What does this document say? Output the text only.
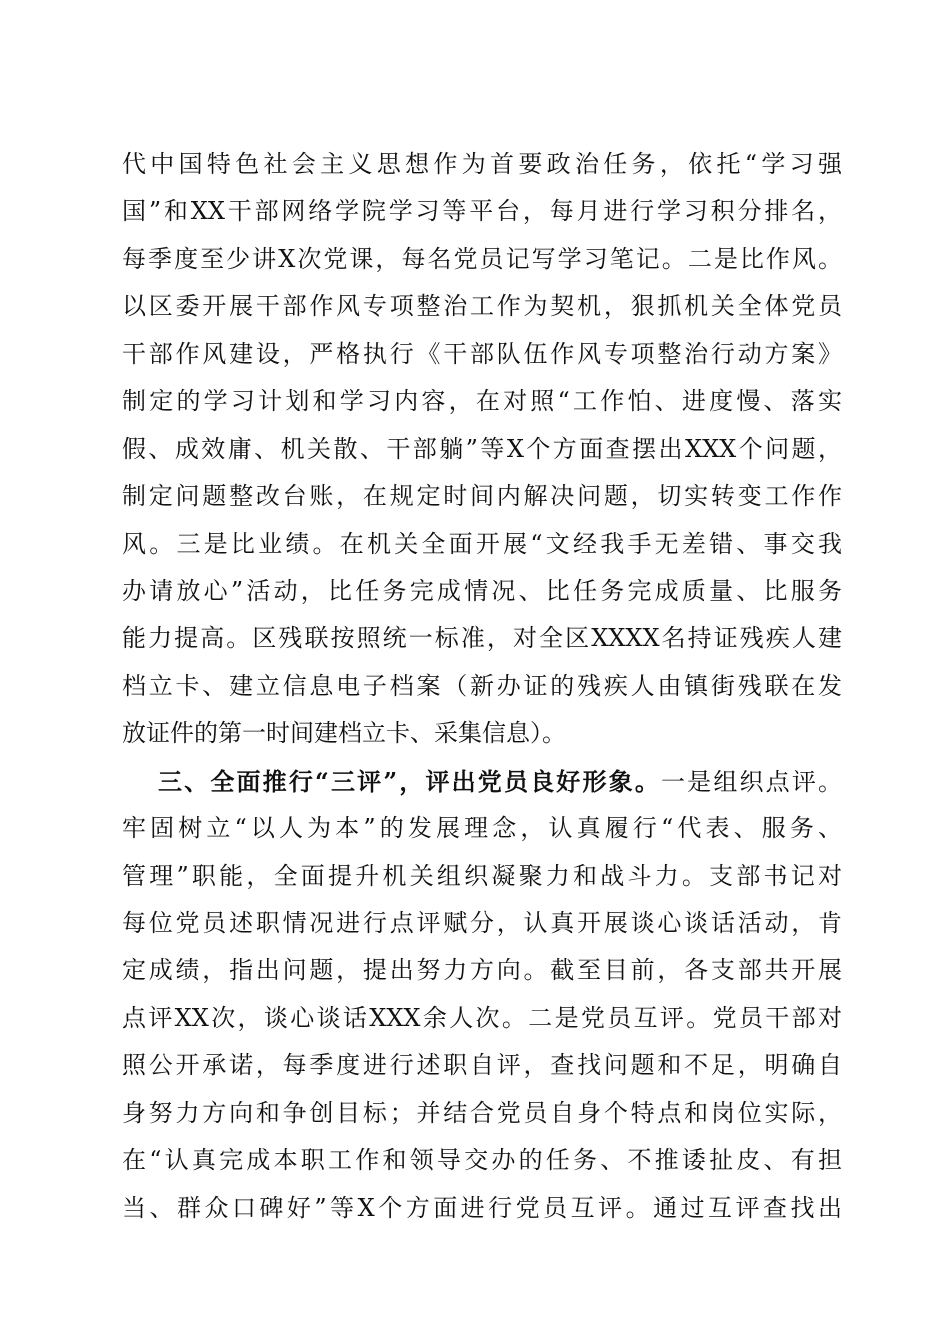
代中国特色社会主义思想作为首要政治任务，依托“学习强
国”和XX干部网络学院学习等平台，每月进行学习积分排名，
每季度至少讲X次党课，每名党员记写学习笔记。二是比作风。
以区委开展干部作风专项整治工作为契机，狠抓机关全体党员
干部作风建设，严格执行《干部队伍作风专项整治行动方案》
制定的学习计划和学习内容，在对照“工作怕、进度慢、落实
假、成效庸、机关散、干部躺”等X个方面查摆出XXX个问题，
制定问题整改台账，在规定时间内解决问题，切实转变工作作
风。三是比业绩。在机关全面开展“文经我手无差错、事交我
办请放心”活动，比任务完成情况、比任务完成质量、比服务
能力提高。区残联按照统一标准，对全区XXXX名持证残疾人建
档立卡、建立信息电子档案（新办证的残疾人由镇街残联在发
放证件的第一时间建档立卡、采集信息）。
三、全面推行“三评”，评出党员良好形象。一是组织点评。
牢固树立“以人为本”的发展理念，认真履行“代表、服务、
管理”职能，全面提升机关组织凝聚力和战斗力。支部书记对
每位党员述职情况进行点评赋分，认真开展谈心谈话活动，肯
定成绩，指出问题，提出努力方向。截至目前，各支部共开展
点评XX次，谈心谈话XXX余人次。二是党员互评。党员干部对
照公开承诺，每季度进行述职自评，查找问题和不足，明确自
身努力方向和争创目标；并结合党员自身个特点和岗位实际，
在“认真完成本职工作和领导交办的任务、不推诿扯皮、有担
当、群众口碑好”等X个方面进行党员互评。通过互评查找出
